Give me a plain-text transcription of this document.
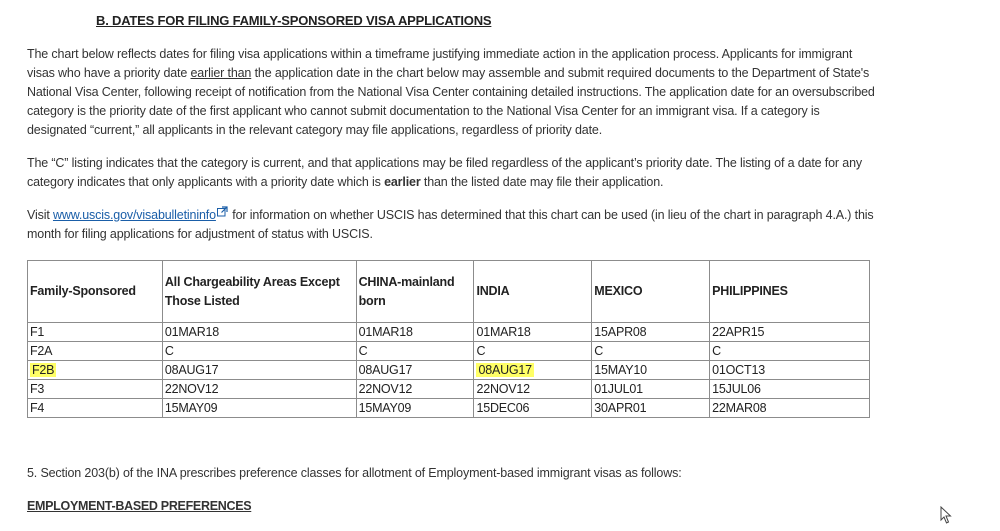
B. DATES FOR FILING FAMILY-SPONSORED VISA APPLICATIONS
The chart below reflects dates for filing visa applications within a timeframe justifying immediate action in the application process. Applicants for immigrant visas who have a priority date earlier than the application date in the chart below may assemble and submit required documents to the Department of State's National Visa Center, following receipt of notification from the National Visa Center containing detailed instructions. The application date for an oversubscribed category is the priority date of the first applicant who cannot submit documentation to the National Visa Center for an immigrant visa. If a category is designated “current,” all applicants in the relevant category may file applications, regardless of priority date.
The “C” listing indicates that the category is current, and that applications may be filed regardless of the applicant’s priority date. The listing of a date for any category indicates that only applicants with a priority date which is earlier than the listed date may file their application.
Visit www.uscis.gov/visabulletininfo for information on whether USCIS has determined that this chart can be used (in lieu of the chart in paragraph 4.A.) this month for filing applications for adjustment of status with USCIS.
Family-Sponsored	All Chargeability Areas Except Those Listed	CHINA-mainland born	INDIA	MEXICO	PHILIPPINES
F1	01MAR18	01MAR18	01MAR18	15APR08	22APR15
F2A	C	C	C	C	C
F2B	08AUG17	08AUG17	08AUG17	15MAY10	01OCT13
F3	22NOV12	22NOV12	22NOV12	01JUL01	15JUL06
F4	15MAY09	15MAY09	15DEC06	30APR01	22MAR08
5. Section 203(b) of the INA prescribes preference classes for allotment of Employment-based immigrant visas as follows:
EMPLOYMENT-BASED PREFERENCES
